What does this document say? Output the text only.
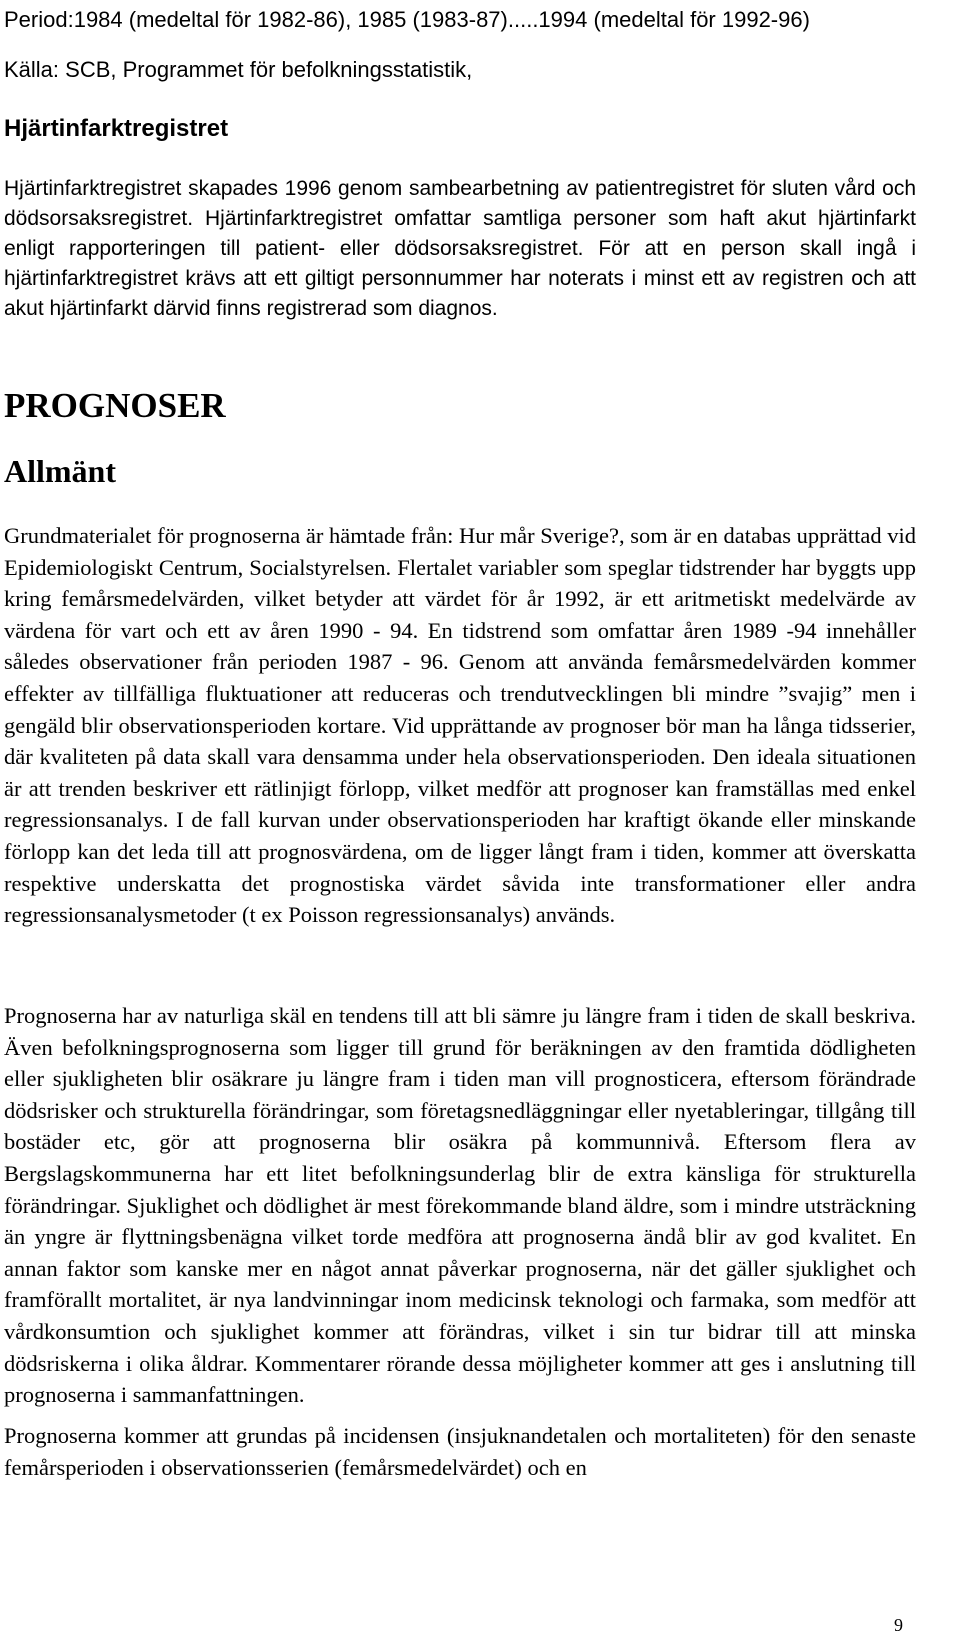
Period:1984 (medeltal för 1982-86), 1985 (1983-87).....1994 (medeltal för 1992-96)
Källa: SCB, Programmet för befolkningsstatistik,
Hjärtinfarktregistret

Hjärtinfarktregistret skapades 1996 genom sambearbetning av patientregistret för sluten vård och dödsorsaksregistret. Hjärtinfarktregistret omfattar samtliga personer som haft akut hjärtinfarkt enligt rapporteringen till patient- eller dödsorsaksregistret. För att en person skall ingå i hjärtinfarktregistret krävs att ett giltigt personnummer har noterats i minst ett av registren och att akut hjärtinfarkt därvid finns registrerad som diagnos.

PROGNOSER
Allmänt

Grundmaterialet för prognoserna är hämtade från: Hur mår Sverige?, som är en databas upprättad vid Epidemiologiskt Centrum, Socialstyrelsen. Flertalet variabler som speglar tidstrender har byggts upp kring femårsmedelvärden, vilket betyder att värdet för år 1992, är ett aritmetiskt medelvärde av värdena för vart och ett av åren 1990 - 94. En tidstrend som omfattar åren 1989 -94 innehåller således observationer från perioden 1987 - 96. Genom att använda femårsmedelvärden kommer effekter av tillfälliga fluktuationer att reduceras och trendutvecklingen bli mindre ”svajig” men i gengäld blir observationsperioden kortare. Vid upprättande av prognoser bör man ha långa tidsserier, där kvaliteten på data skall vara densamma under hela observationsperioden. Den ideala situationen är att trenden beskriver ett rätlinjigt förlopp, vilket medför att prognoser kan framställas med enkel regressionsanalys. I de fall kurvan under observationsperioden har kraftigt ökande eller minskande förlopp kan det leda till att prognosvärdena, om de ligger långt fram i tiden, kommer att överskatta respektive underskatta det prognostiska värdet såvida inte transformationer eller andra regressionsanalysmetoder (t ex Poisson regressionsanalys) används.

Prognoserna har av naturliga skäl en tendens till att bli sämre ju längre fram i tiden de skall beskriva. Även befolkningsprognoserna som ligger till grund för beräkningen av den framtida dödligheten eller sjukligheten blir osäkrare ju längre fram i tiden man vill prognosticera, eftersom förändrade dödsrisker och strukturella förändringar, som företagsnedläggningar eller nyetableringar, tillgång till bostäder etc, gör att prognoserna blir osäkra på kommunnivå. Eftersom flera av Bergslagskommunerna har ett litet befolkningsunderlag blir de extra känsliga för strukturella förändringar. Sjuklighet och dödlighet är mest förekommande bland äldre, som i mindre utsträckning än yngre är flyttningsbenägna vilket torde medföra att prognoserna ändå blir av god kvalitet. En annan faktor som kanske mer en något annat påverkar prognoserna, när det gäller sjuklighet och framförallt mortalitet, är nya landvinningar inom medicinsk teknologi och farmaka, som medför att vårdkonsumtion och sjuklighet kommer att förändras, vilket i sin tur bidrar till att minska dödsriskerna i olika åldrar. Kommentarer rörande dessa möjligheter kommer att ges i anslutning till prognoserna i sammanfattningen.

Prognoserna kommer att grundas på incidensen (insjuknandetalen och mortaliteten) för den senaste femårsperioden i observationsserien (femårsmedelvärdet) och en

9
